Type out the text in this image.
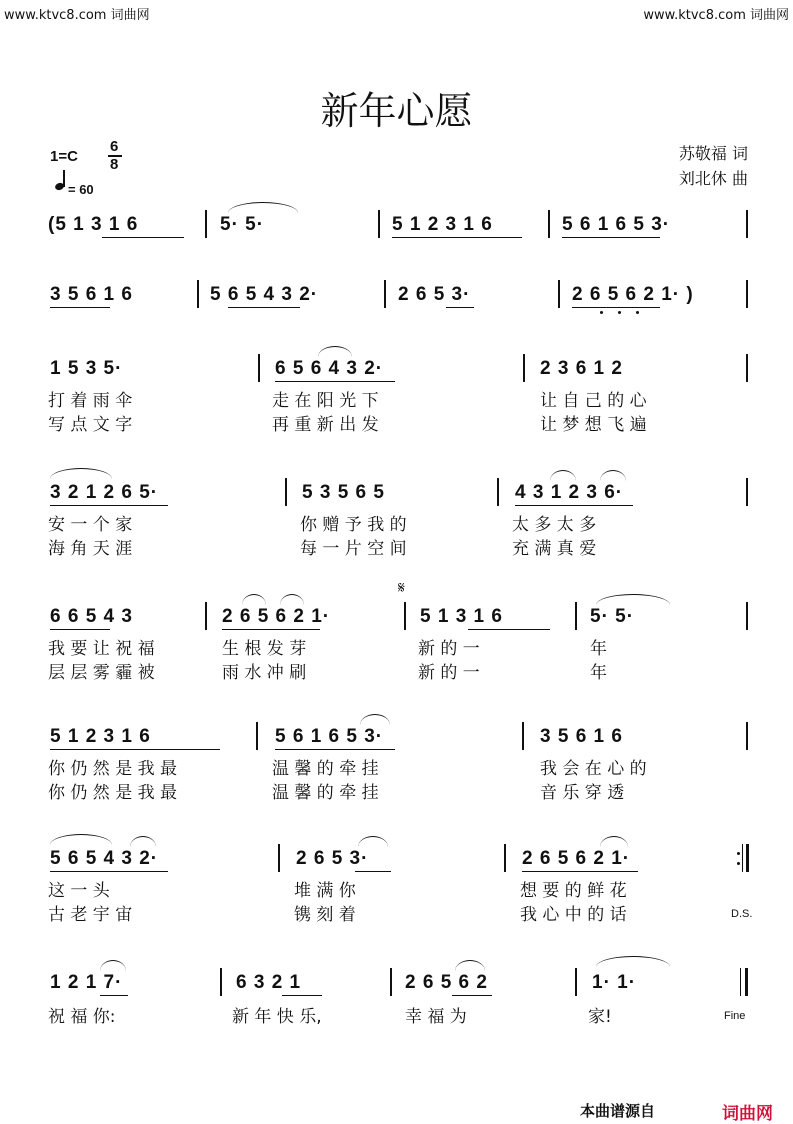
www.ktvc8.com 词曲网	www.ktvc8.com 词曲网
新年心愿
1=C
6
8
= 60
苏敬福 词
刘北休 曲
(5 1 3 1 6	5· 5·	5 1 2 3 1 6	5 6 1 6 5 3·
3 5 6 1 6	5 6 5 4 3 2·	2 6 5 3·	2 6 5 6 2 1· )
1 5 3 5·	6 5 6 4 3 2·	2 3 6 1 2
打 着 雨 伞	走 在 阳 光 下	让 自 己 的 心
写 点 文 字	再 重 新 出 发	让 梦 想 飞 遍
3 2 1 2 6 5·	5 3 5 6 5	4 3 1 2 3 6·
安 一 个 家	你 赠 予 我 的	太 多 太 多
海 角 天 涯	每 一 片 空 间	充 满 真 爱
𝄋
6 6 5 4 3	2 6 5 6 2 1·	5 1 3 1 6	5· 5·
我 要 让 祝 福	生 根 发 芽	新 的 一	年
层 层 雾 霾 被	雨 水 冲 刷	新 的 一	年
5 1 2 3 1 6	5 6 1 6 5 3·	3 5 6 1 6
你 仍 然 是 我 最	温 馨 的 牵 挂	我 会 在 心 的
你 仍 然 是 我 最	温 馨 的 牵 挂	音 乐 穿 透
5 6 5 4 3 2·	2 6 5 3·	2 6 5 6 2 1·
这 一 头	堆 满 你	想 要 的 鲜 花
古 老 宇 宙	镌 刻 着	我 心 中 的 话	D.S.
1 2 1 7·	6 3 2 1	2 6 5 6 2	1· 1·
祝 福 你:	新 年 快 乐,	幸 福 为	家!	Fine
本曲谱源自	词曲网
